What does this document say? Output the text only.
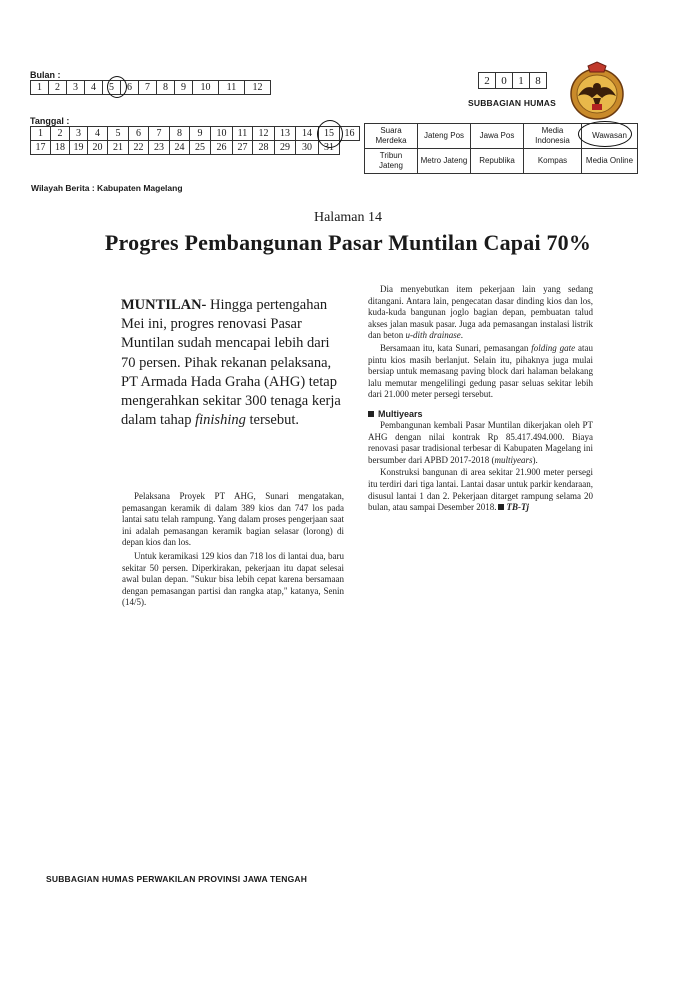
Bulan :
1	2	3	4	5	6	7	8	9	10	11	12
Tanggal :
1	2	3	4	5	6	7	8	9	10	11	12	13	14	15	16
17	18	19	20	21	22	23	24	25	26	27	28	29	30	31	
2	0	1	8
SUBBAGIAN HUMAS
Suara Merdeka	Jateng Pos	Jawa Pos	Media Indonesia	Wawasan
Tribun Jateng	Metro Jateng	Republika	Kompas	Media Online
Wilayah Berita : Kabupaten Magelang
Halaman 14
Progres Pembangunan Pasar Muntilan Capai 70%
MUNTILAN- Hingga pertengahan Mei ini, progres renovasi Pasar Muntilan sudah mencapai lebih dari 70 persen. Pihak rekanan pelaksana, PT Armada Hada Graha (AHG) tetap mengerahkan sekitar 300 tenaga kerja dalam tahap finishing tersebut.

Pelaksana Proyek PT AHG, Sunari mengatakan, pemasangan keramik di dalam 389 kios dan 747 los pada lantai satu telah rampung. Yang dalam proses pengerjaan saat ini adalah pemasangan keramik bagian selasar (lorong) di depan kios dan los.

Untuk keramikasi 129 kios dan 718 los di lantai dua, baru sekitar 50 persen. Diperkirakan, pekerjaan itu dapat selesai awal bulan depan. "Sukur bisa lebih cepat karena bersamaan dengan pemasangan partisi dan rangka atap," katanya, Senin (14/5).

Dia menyebutkan item pekerjaan lain yang sedang ditangani. Antara lain, pengecatan dasar dinding kios dan los, kuda-kuda bangunan joglo bagian depan, pembuatan talud akses jalan masuk pasar. Juga ada pemasangan instalasi listrik dan beton u-dith drainase.

Bersamaan itu, kata Sunari, pemasangan folding gate atau pintu kios masih berlanjut. Selain itu, pihaknya juga mulai bersiap untuk memasang paving block dari halaman belakang lalu memutar mengelilingi gedung pasar seluas sekitar lebih dari 21.000 meter persegi tersebut.

Multiyears

Pembangunan kembali Pasar Muntilan dikerjakan oleh PT AHG dengan nilai kontrak Rp 85.417.494.000. Biaya renovasi pasar tradisional terbesar di Kabupaten Magelang ini bersumber dari APBD 2017-2018 (multiyears).

Konstruksi bangunan di area sekitar 21.900 meter persegi itu terdiri dari tiga lantai. Lantai dasar untuk parkir kendaraan, disusul lantai 1 dan 2. Pekerjaan ditarget rampung selama 20 bulan, atau sampai Desember 2018. TB-Tj

SUBBAGIAN HUMAS PERWAKILAN PROVINSI JAWA TENGAH
